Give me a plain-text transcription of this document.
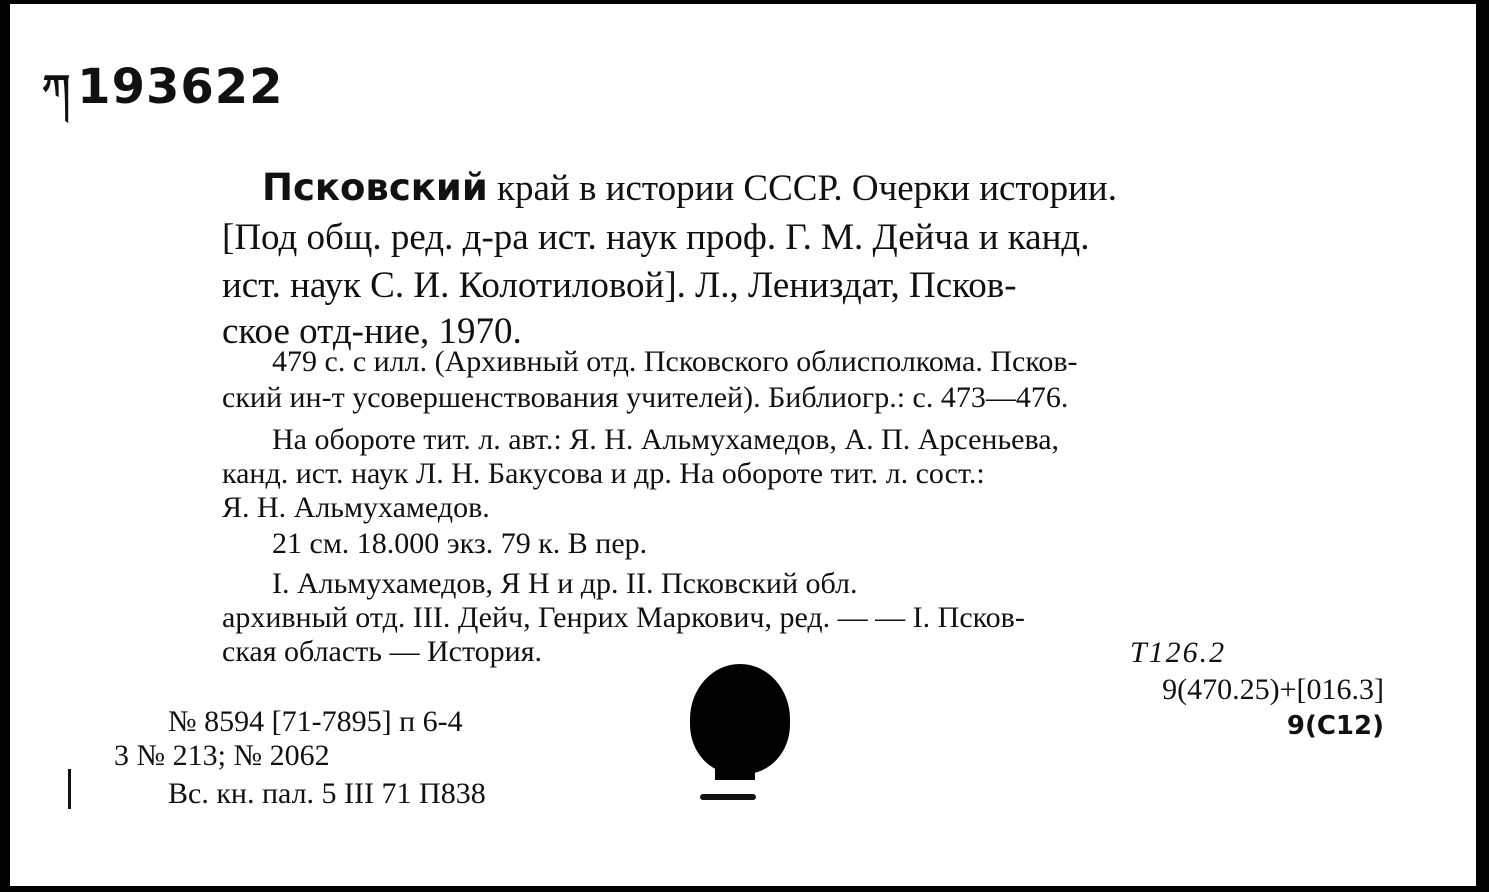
ཀ 193622
Псковский край в истории СССР. Очерки истории.
[Под общ. ред. д-ра ист. наук проф. Г. М. Дейча и канд.
ист. наук С. И. Колотиловой]. Л., Лениздат, Псков-
ское отд-ние, 1970.
479 с. с илл. (Архивный отд. Псковского облисполкома. Псков-
ский ин-т усовершенствования учителей). Библиогр.: с. 473—476.
На обороте тит. л. авт.: Я. Н. Альмухамедов, А. П. Арсеньева,
канд. ист. наук Л. Н. Бакусова и др. На обороте тит. л. сост.:
Я. Н. Альмухамедов.
21 см. 18.000 экз. 79 к. В пер.
I. Альмухамедов, Я Н и др. II. Псковский обл.
архивный отд. III. Дейч, Генрих Маркович, ред. — — I. Псков-
ская область — История.	Т126.2
9(470.25)+[016.3]
9(С12)
№ 8594 [71-7895] п 6-4
3 № 213; № 2062
Вс. кн. пал. 5 III 71 П838
